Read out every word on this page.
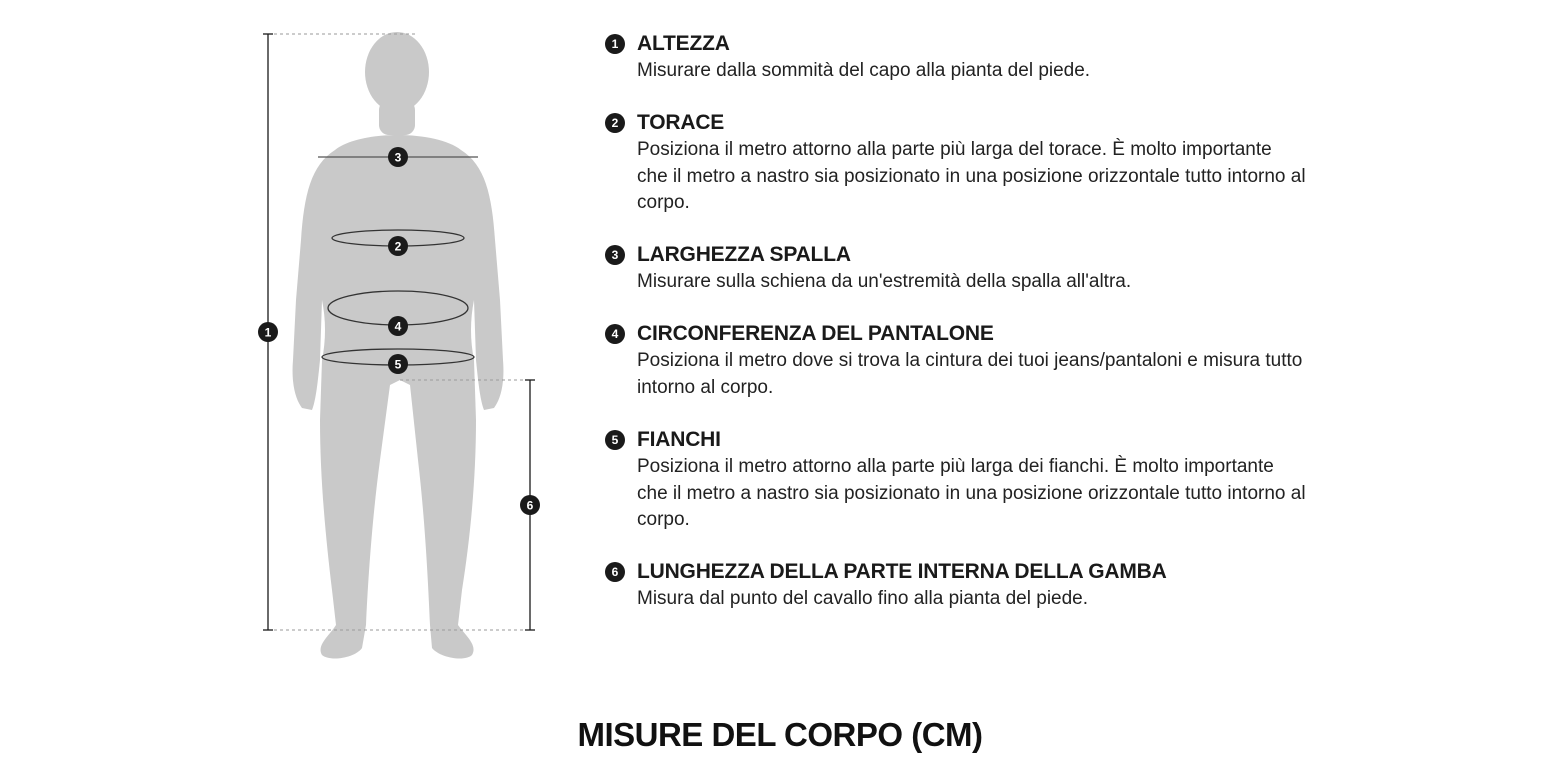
1
3
2
4
5
6
1 ALTEZZA
Misurare dalla sommità del capo alla pianta del piede.
2 TORACE
Posiziona il metro attorno alla parte più larga del torace. È molto importante che il metro a nastro sia posizionato in una posizione orizzontale tutto intorno al corpo.
3 LARGHEZZA SPALLA
Misurare sulla schiena da un'estremità della spalla all'altra.
4 CIRCONFERENZA DEL PANTALONE
Posiziona il metro dove si trova la cintura dei tuoi jeans/pantaloni e misura tutto intorno al corpo.
5 FIANCHI
Posiziona il metro attorno alla parte più larga dei fianchi. È molto importante che il metro a nastro sia posizionato in una posizione orizzontale tutto intorno al corpo.
6 LUNGHEZZA DELLA PARTE INTERNA DELLA GAMBA
Misura dal punto del cavallo fino alla pianta del piede.
MISURE DEL CORPO (CM)
